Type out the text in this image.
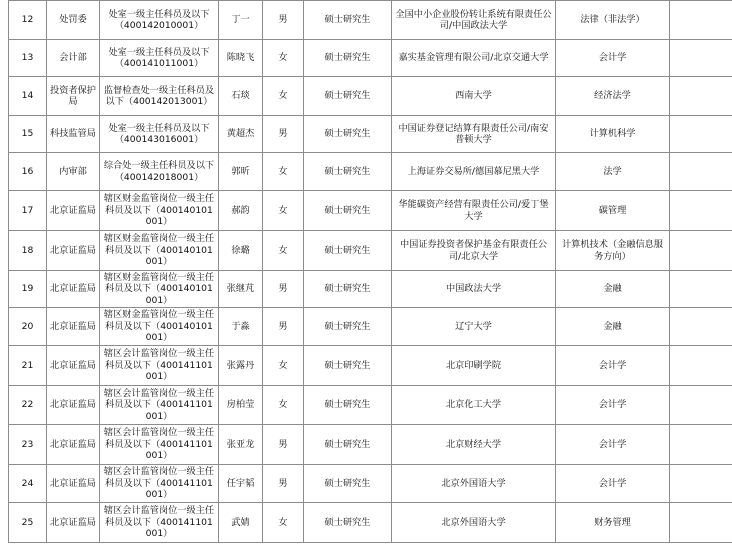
12	处罚委	处室一级主任科员及以下（400142010001）	丁一	男	硕士研究生	全国中小企业股份转让系统有限责任公司/中国政法大学	法律（非法学）	
13	会计部	处室一级主任科员及以下（400141011001）	陈晓飞	女	硕士研究生	嘉实基金管理有限公司/北京交通大学	会计学	
14	投资者保护局	监督检查处一级主任科员及以下（400142013001）	石琰	女	硕士研究生	西南大学	经济法学	
15	科技监管局	处室一级主任科员及以下（400143016001）	黄超杰	男	硕士研究生	中国证券登记结算有限责任公司/南安普顿大学	计算机科学	
16	内审部	综合处一级主任科员及以下（400142018001）	郭昕	女	硕士研究生	上海证券交易所/德国慕尼黑大学	法学	
17	北京证监局	辖区财金监管岗位一级主任科员及以下（400140101001）	郝韵	女	硕士研究生	华能碳资产经营有限责任公司/爱丁堡大学	碳管理	
18	北京证监局	辖区财金监管岗位一级主任科员及以下（400140101001）	徐璐	女	硕士研究生	中国证券投资者保护基金有限责任公司/北京大学	计算机技术（金融信息服务方向）	
19	北京证监局	辖区财金监管岗位一级主任科员及以下（400140101001）	张继芃	男	硕士研究生	中国政法大学	金融	
20	北京证监局	辖区财金监管岗位一级主任科员及以下（400140101001）	于淼	男	硕士研究生	辽宁大学	金融	
21	北京证监局	辖区会计监管岗位一级主任科员及以下（400141101001）	张露丹	女	硕士研究生	北京印刷学院	会计学	
22	北京证监局	辖区会计监管岗位一级主任科员及以下（400141101001）	房柏莹	女	硕士研究生	北京化工大学	会计学	
23	北京证监局	辖区会计监管岗位一级主任科员及以下（400141101001）	张亚龙	男	硕士研究生	北京财经大学	会计学	
24	北京证监局	辖区会计监管岗位一级主任科员及以下（400141101001）	任宇韬	男	硕士研究生	北京外国语大学	会计学	
25	北京证监局	辖区会计监管岗位一级主任科员及以下（400141101001）	武婧	女	硕士研究生	北京外国语大学	财务管理	
